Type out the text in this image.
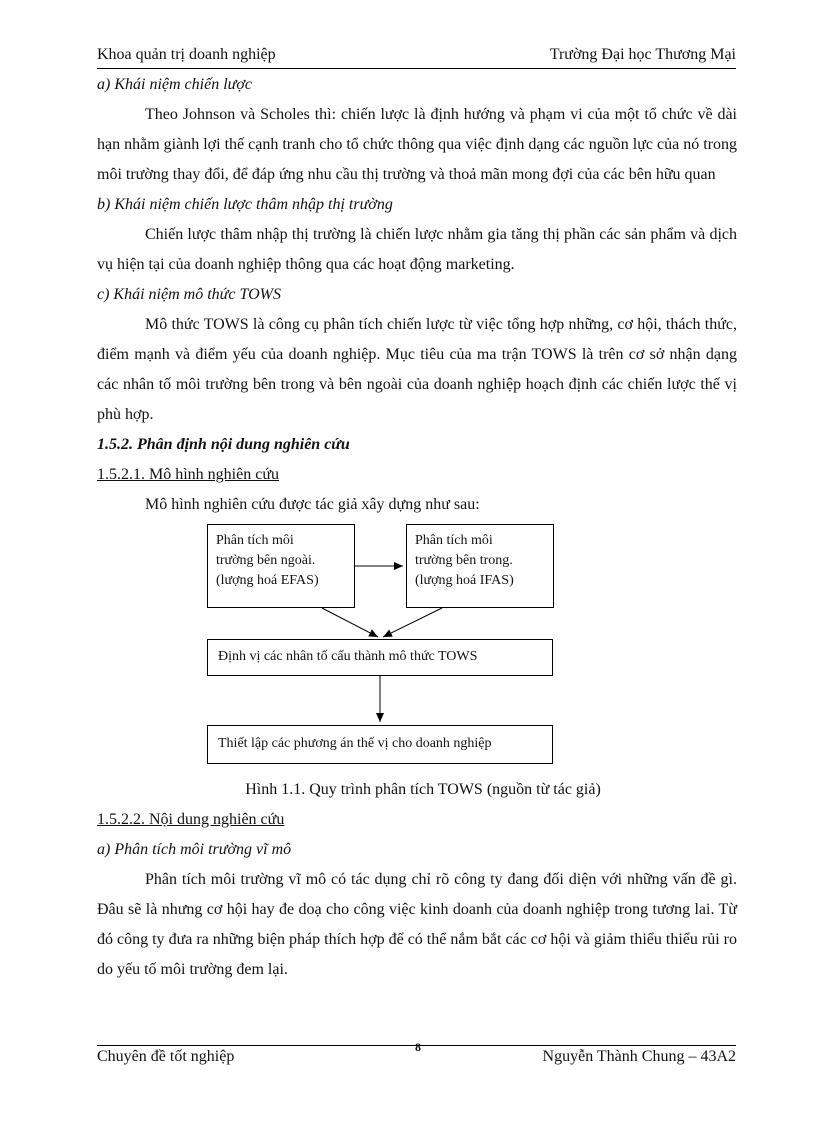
Khoa quản trị doanh nghiệp	Trường Đại học Thương Mại

a) Khái niệm chiến lược

Theo Johnson và Scholes thì: chiến lược là định hướng và phạm vi của một tổ chức về dài hạn nhằm giành lợi thế cạnh tranh cho tổ chức thông qua việc định dạng các nguồn lực của nó trong môi trường thay đổi, để đáp ứng nhu cầu thị trường và thoả mãn mong đợi của các bên hữu quan

b) Khái niệm chiến lược thâm nhập thị trường

Chiến lược thâm nhập thị trường là chiến lược nhằm gia tăng thị phần các sản phẩm và dịch vụ hiện tại của doanh nghiệp thông qua các hoạt động marketing.

c) Khái niệm mô thức TOWS

Mô thức TOWS là công cụ phân tích chiến lược từ việc tổng hợp những, cơ hội, thách thức, điểm mạnh và điểm yếu của doanh nghiệp. Mục tiêu của ma trận TOWS là trên cơ sở nhận dạng các nhân tố môi trường bên trong và bên ngoài của doanh nghiệp hoạch định các chiến lược thế vị phù hợp.

1.5.2. Phân định nội dung nghiên cứu

1.5.2.1. Mô hình nghiên cứu

Mô hình nghiên cứu được tác giả xây dựng như sau:

Phân tích môi
trường bên ngoài.
(lượng hoá EFAS)
Phân tích môi
trường bên trong.
(lượng hoá IFAS)
Định vị các nhân tố cấu thành mô thức TOWS
Thiết lập các phương án thế vị cho doanh nghiệp

Hình 1.1. Quy trình phân tích TOWS (nguồn từ tác giả)

1.5.2.2. Nội dung nghiên cứu

a) Phân tích môi trường vĩ mô

Phân tích môi trường vĩ mô có tác dụng chỉ rõ công ty đang đối diện với những vấn đề gì. Đâu sẽ là nhưng cơ hội hay đe doạ cho công việc kinh doanh của doanh nghiệp trong tương lai. Từ đó công ty đưa ra những biện pháp thích hợp để có thể nắm bắt các cơ hội và giảm thiểu thiểu rủi ro do yếu tố môi trường đem lại.

Chuyên đề tốt nghiệp
8
Nguyễn Thành Chung – 43A2
